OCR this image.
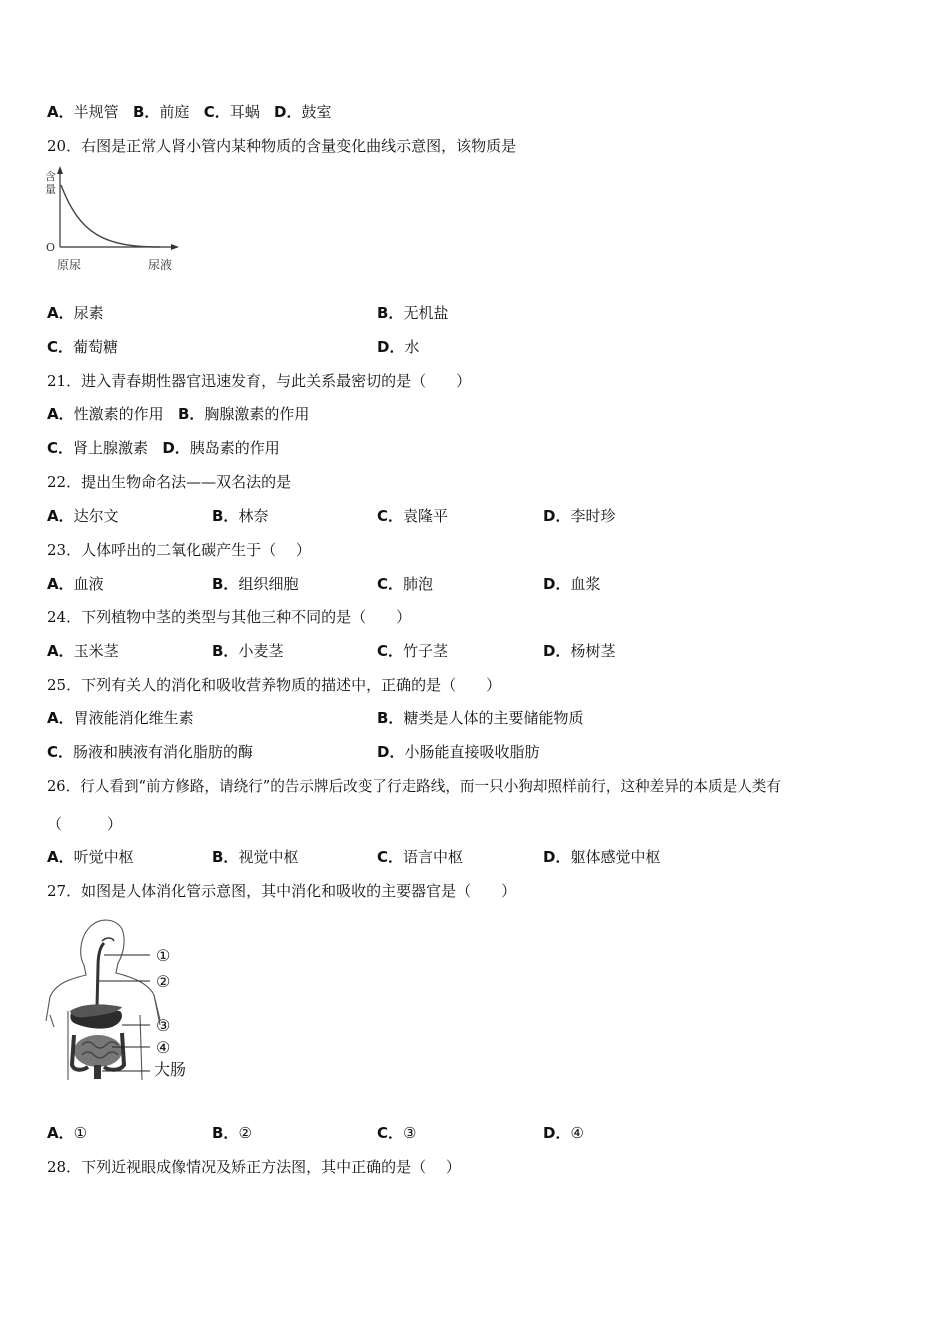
A．半规管 B．前庭 C．耳蜗 D．鼓室
20．右图是正常人肾小管内某种物质的含量变化曲线示意图，该物质是
含
量
O
原尿	尿液
A．尿素	B．无机盐
C．葡萄糖	D．水
21．进入青春期性器官迅速发育，与此关系最密切的是（　　）
A．性激素的作用 B．胸腺激素的作用
C．肾上腺激素 D．胰岛素的作用
22．提出生物命名法——双名法的是
A．达尔文	B．林奈	C．袁隆平	D．李时珍
23．人体呼出的二氧化碳产生于（　 ）
A．血液	B．组织细胞	C．肺泡	D．血浆
24．下列植物中茎的类型与其他三种不同的是（　　）
A．玉米茎	B．小麦茎	C．竹子茎	D．杨树茎
25．下列有关人的消化和吸收营养物质的描述中，正确的是（　　）
A．胃液能消化维生素	B．糖类是人体的主要储能物质
C．肠液和胰液有消化脂肪的酶	D．小肠能直接吸收脂肪
26．行人看到“前方修路，请绕行”的告示牌后改变了行走路线，而一只小狗却照样前行，这种差异的本质是人类有
（　　　）
A．听觉中枢	B．视觉中枢	C．语言中枢	D．躯体感觉中枢
27．如图是人体消化管示意图，其中消化和吸收的主要器官是（　　）
①
②
③
④
大肠
A．①	B．②	C．③	D．④
28．下列近视眼成像情况及矫正方法图，其中正确的是（　 ）
